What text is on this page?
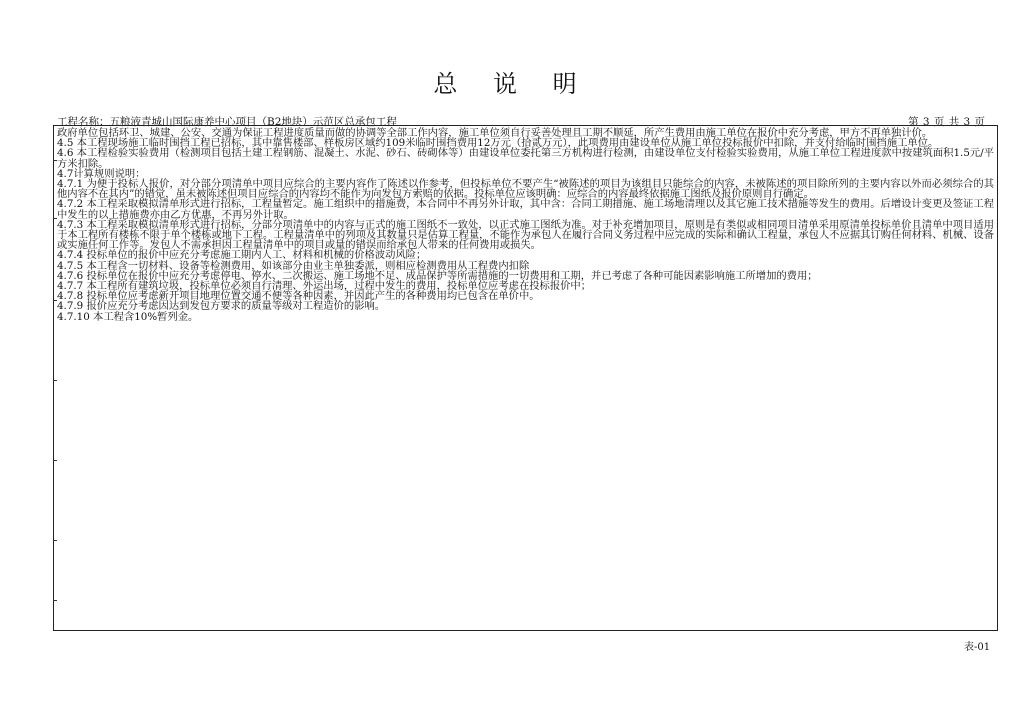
总 说 明
工程名称：五粮液青城山国际康养中心项目（B2地块）示范区总承包工程	第 3 页 共 3 页

政府单位包括环卫、城建、公安、交通为保证工程进度质量而做的协调等全部工作内容，施工单位须自行妥善处理且工期不顺延，所产生费用由施工单位在报价中充分考虑，甲方不再单独计价。

4.5 本工程现场施工临时围挡工程已招标，其中靠售楼部、样板房区域约109米临时围挡费用12万元（拾贰万元），此项费用由建设单位从施工单位投标报价中扣除，并支付给临时围挡施工单位。

4.6 本工程检验实验费用（检测项目包括土建工程钢筋、混凝土、水泥、砂石、砖砌体等）由建设单位委托第三方机构进行检测，由建设单位支付检验实验费用，从施工单位工程进度款中按建筑面积1.5元/平方米扣除。

4.7计算规则说明：

4.7.1 为便于投标人报价，对分部分项清单中项目应综合的主要内容作了陈述以作参考，但投标单位不要产生“被陈述的项目为该组目只能综合的内容，未被陈述的项目除所列的主要内容以外而必须综合的其他内容不在其内”的错觉，虽未被陈述但项目应综合的内容均不能作为向发包方索赔的依据。投标单位应该明确：应综合的内容最终依据施工图纸及报价原则自行确定。

4.7.2 本工程采取模拟清单形式进行招标，工程量暂定。施工组织中的措施费，本合同中不再另外计取，其中含：合同工期措施、施工场地清理以及其它施工技术措施等发生的费用。后增设计变更及签证工程中发生的以上措施费亦由乙方优惠，不再另外计取。

4.7.3 本工程采取模拟清单形式进行招标，分部分项清单中的内容与正式的施工图纸不一致处，以正式施工图纸为准。对于补充增加项目，原则是有类似或相同项目清单采用原清单投标单价且清单中项目适用于本工程所有楼栋不限于单个楼栋或地下工程。工程量清单中的列项及其数量只是估算工程量，不能作为承包人在履行合同义务过程中应完成的实际和确认工程量，承包人不应据其订购任何材料、机械、设备或实施任何工作等。发包人不需承担因工程量清单中的项目或量的错误而给承包人带来的任何费用或损失。

4.7.4 投标单位的报价中应充分考虑施工期内人工、材料和机械的价格波动风险；

4.7.5 本工程含一切材料、设备等检测费用，如该部分由业主单独委派，则相应检测费用从工程费内扣除

4.7.6 投标单位在报价中应充分考虑停电、停水、二次搬运、施工场地不足、成品保护等所需措施的一切费用和工期，并已考虑了各种可能因素影响施工所增加的费用；

4.7.7 本工程所有建筑垃圾，投标单位必须自行清理、外运出场，过程中发生的费用，投标单位应考虑在投标报价中；

4.7.8 投标单位应考虑新开项目地理位置交通不便等各种因素，并因此产生的各种费用均已包含在单价中。

4.7.9 报价应充分考虑因达到发包方要求的质量等级对工程造价的影响。

4.7.10 本工程含10%暂列金。

表-01
